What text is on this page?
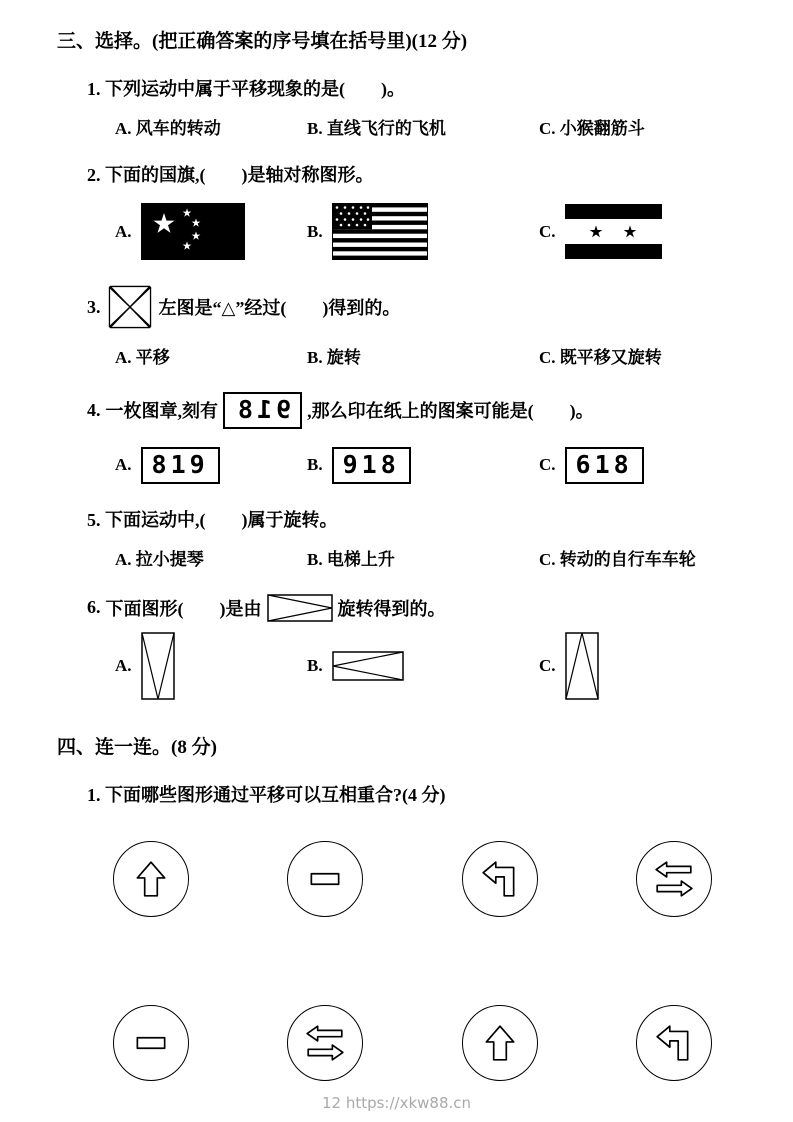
三、选择。(把正确答案的序号填在括号里)(12 分)
1. 下列运动中属于平移现象的是(　　)。
A. 风车的转动	B. 直线飞行的飞机	C. 小猴翻筋斗
2. 下面的国旗,(　　)是轴对称图形。
A.	B.	C.
3.	左图是“△”经过(　　)得到的。
A. 平移	B. 旋转	C. 既平移又旋转
4. 一枚图章,刻有 918 ,那么印在纸上的图案可能是(　　)。
A. 819	B. 918	C. 618
5. 下面运动中,(　　)属于旋转。
A. 拉小提琴	B. 电梯上升	C. 转动的自行车车轮
6. 下面图形(　　)是由	旋转得到的。
A.	B.	C.
四、连一连。(8 分)
1. 下面哪些图形通过平移可以互相重合?(4 分)
12 https://xkw88.cn
